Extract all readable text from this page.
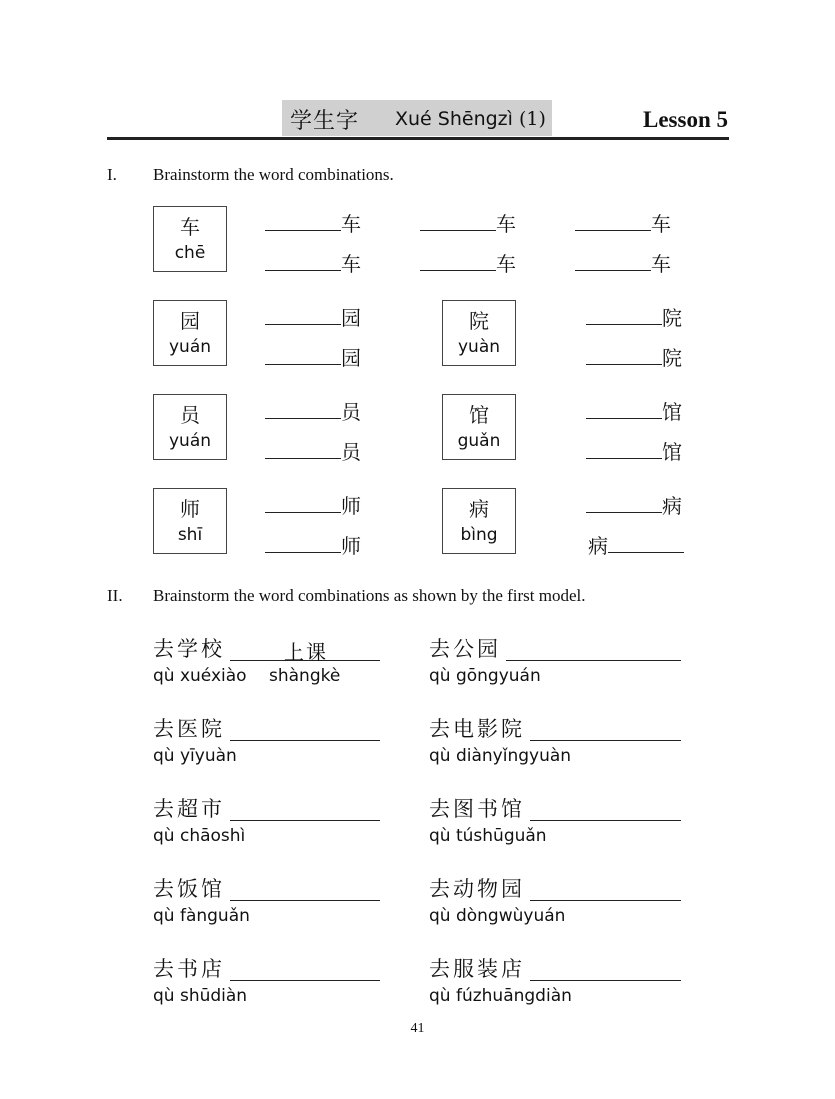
学生字 Xué Shēngzì (1)	Lesson 5
I. Brainstorm the word combinations.
车
chē
车	车	车
车	车	车
园
yuán
园
园
院
yuàn
院
院
员
yuán
员
员
馆
guǎn
馆
馆
师
shī
师
师
病
bìng
病
病
II. Brainstorm the word combinations as shown by the first model.
去学校	上课
qù xuéxiào shàngkè
去公园
qù gōngyuán
去医院
qù yīyuàn
去电影院
qù diànyǐngyuàn
去超市
qù chāoshì
去图书馆
qù túshūguǎn
去饭馆
qù fànguǎn
去动物园
qù dòngwùyuán
去书店
qù shūdiàn
去服装店
qù fúzhuāngdiàn
41
